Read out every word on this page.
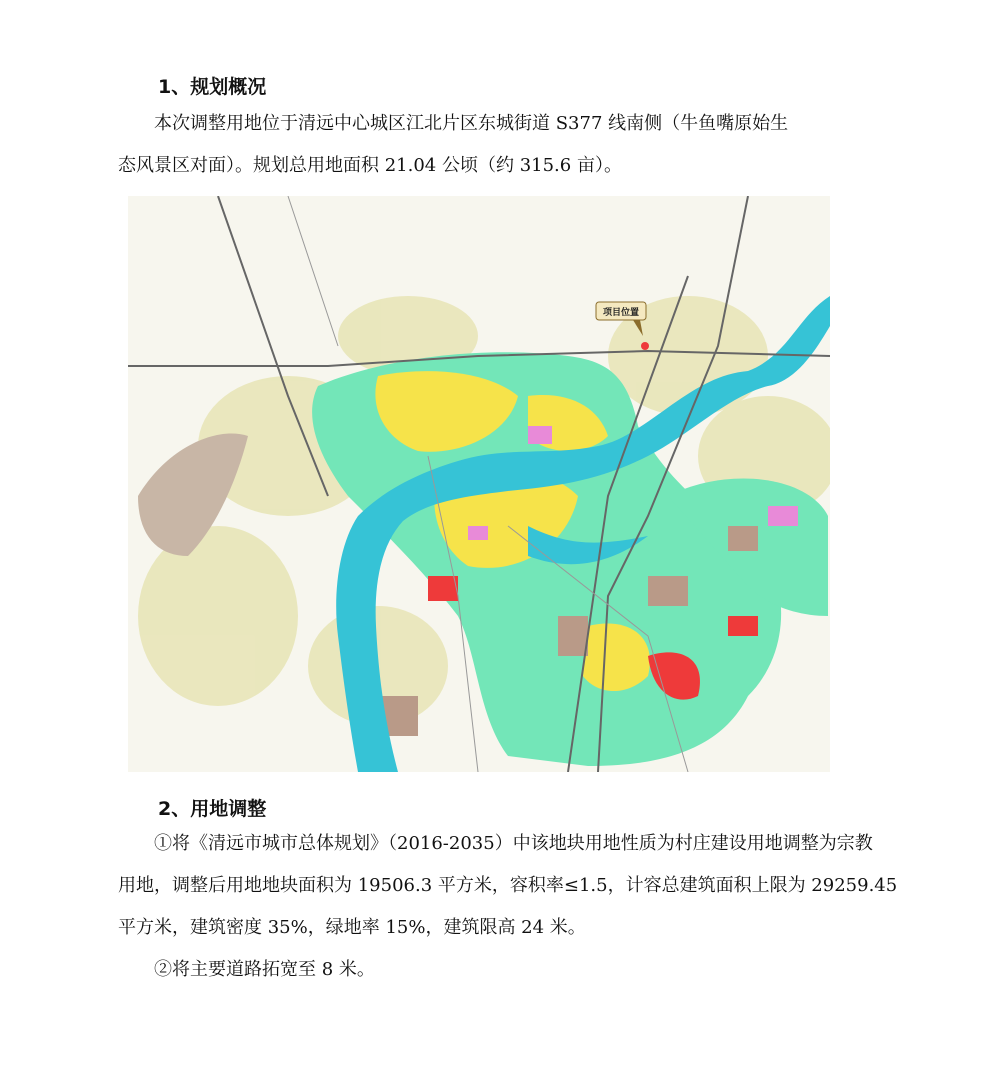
1、规划概况
本次调整用地位于清远中心城区江北片区东城街道 S377 线南侧（牛鱼嘴原始生
态风景区对面）。规划总用地面积 21.04 公顷（约 315.6 亩）。
项目位置
2、用地调整
①将《清远市城市总体规划》（2016-2035）中该地块用地性质为村庄建设用地调整为宗教
用地，调整后用地地块面积为 19506.3 平方米，容积率≤1.5，计容总建筑面积上限为 29259.45
平方米，建筑密度 35%，绿地率 15%，建筑限高 24 米。
②将主要道路拓宽至 8 米。
